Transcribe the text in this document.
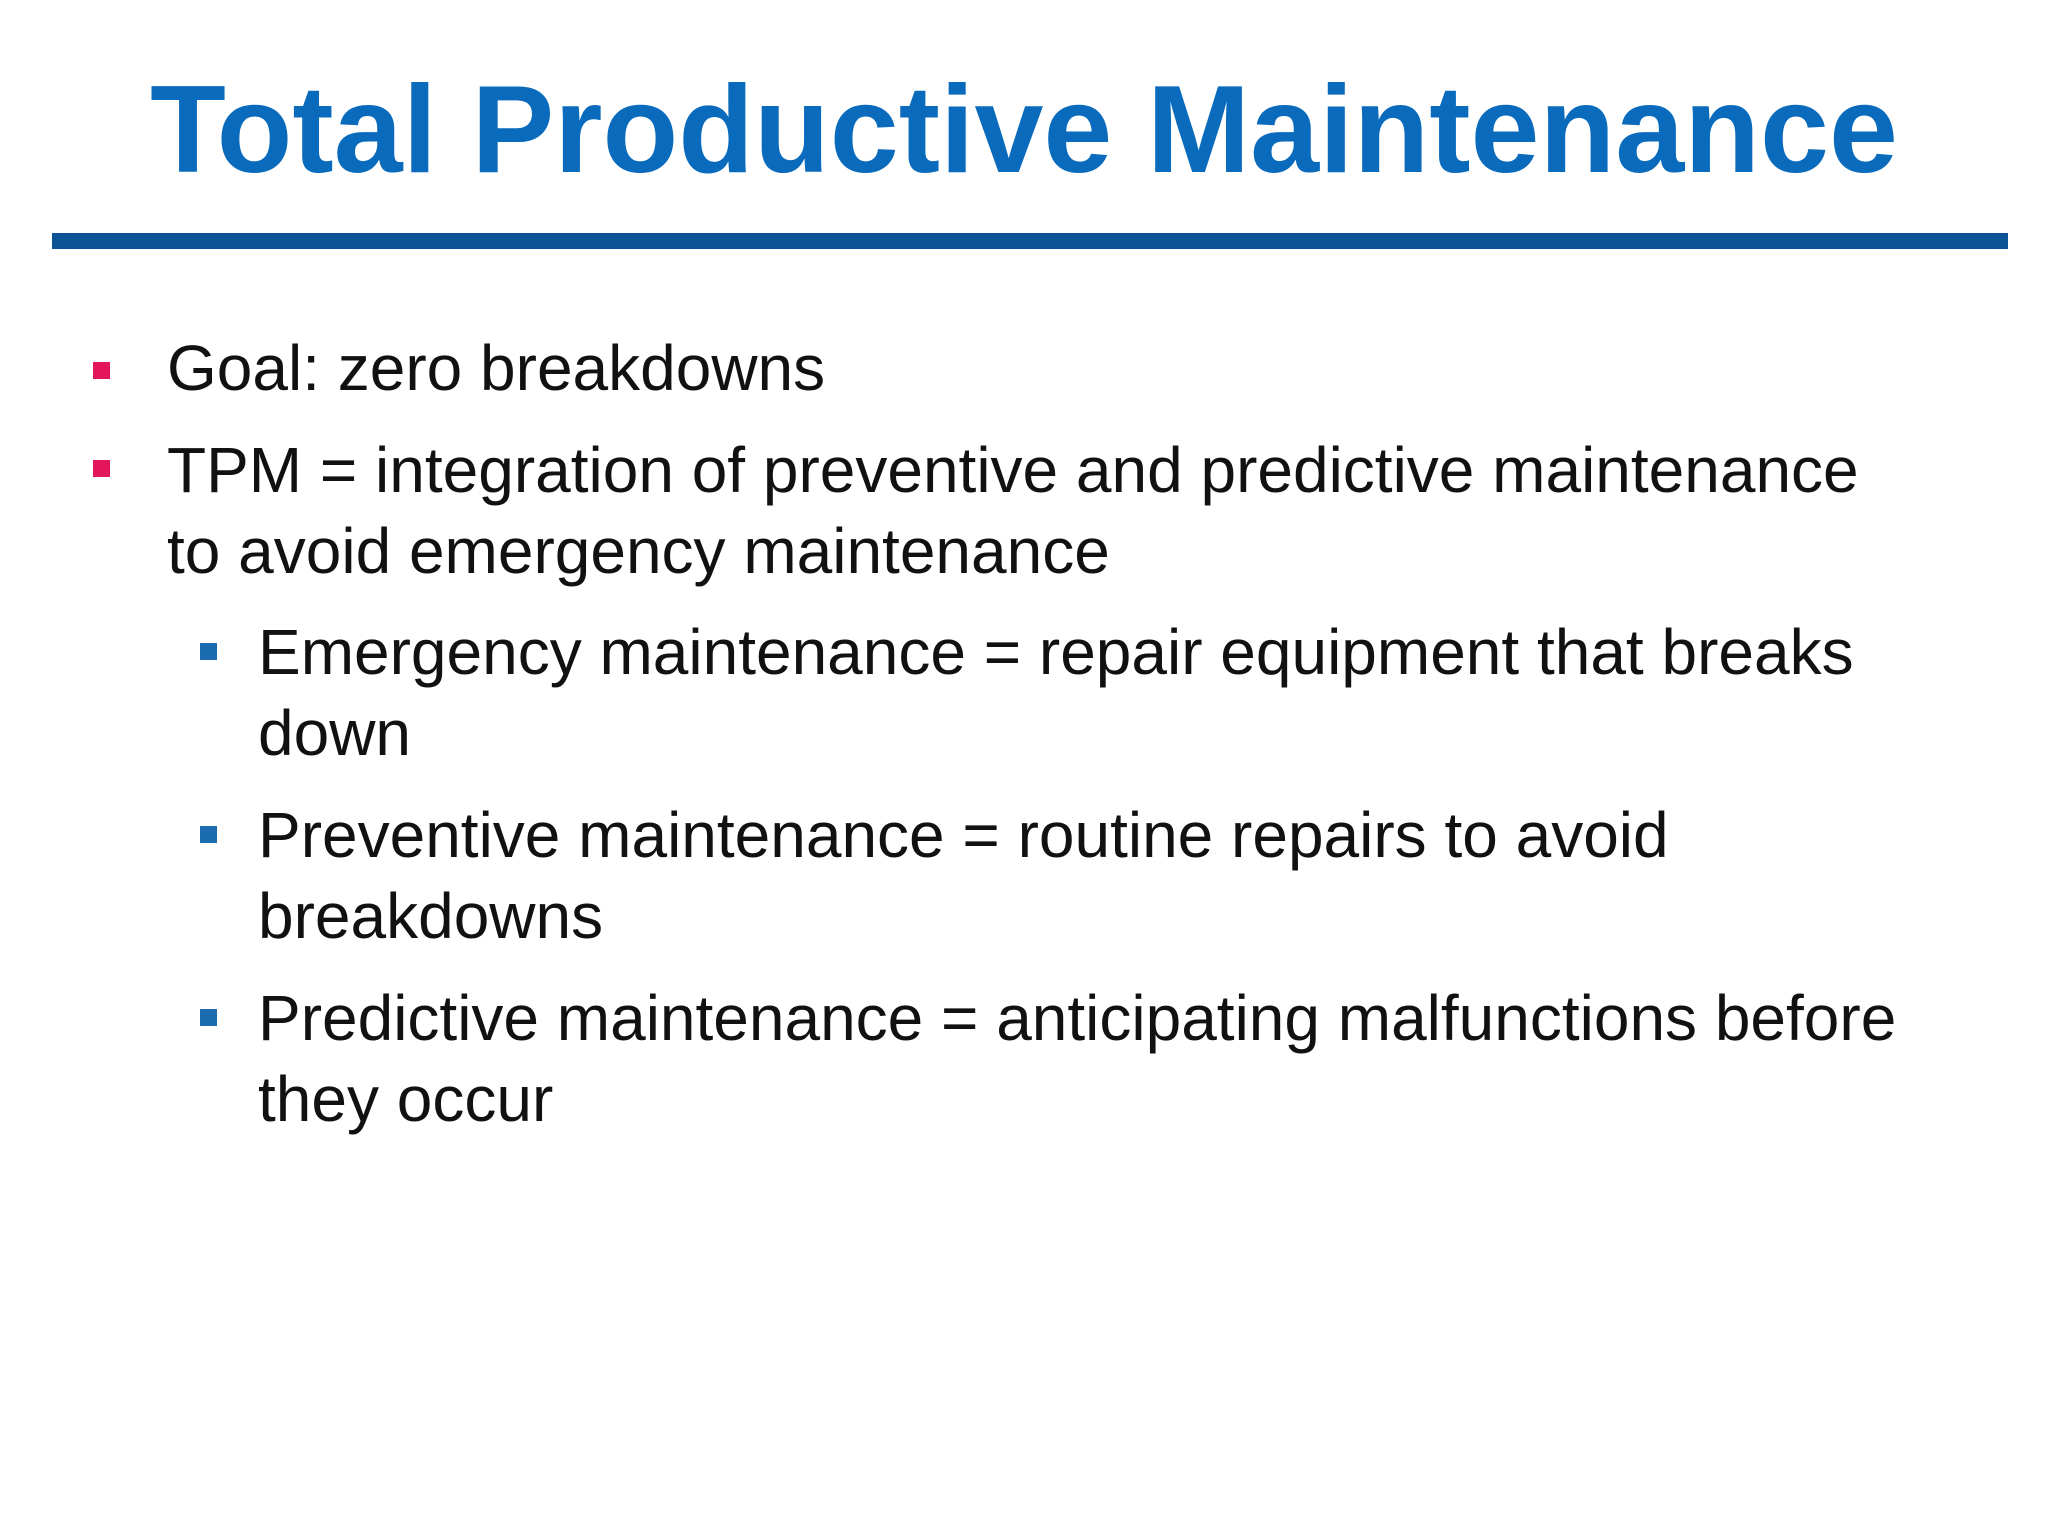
Total Productive Maintenance
Goal: zero breakdowns
TPM = integration of preventive and predictive maintenance to avoid emergency maintenance
Emergency maintenance = repair equipment that breaks down
Preventive maintenance = routine repairs to avoid breakdowns
Predictive maintenance = anticipating malfunctions before they occur
